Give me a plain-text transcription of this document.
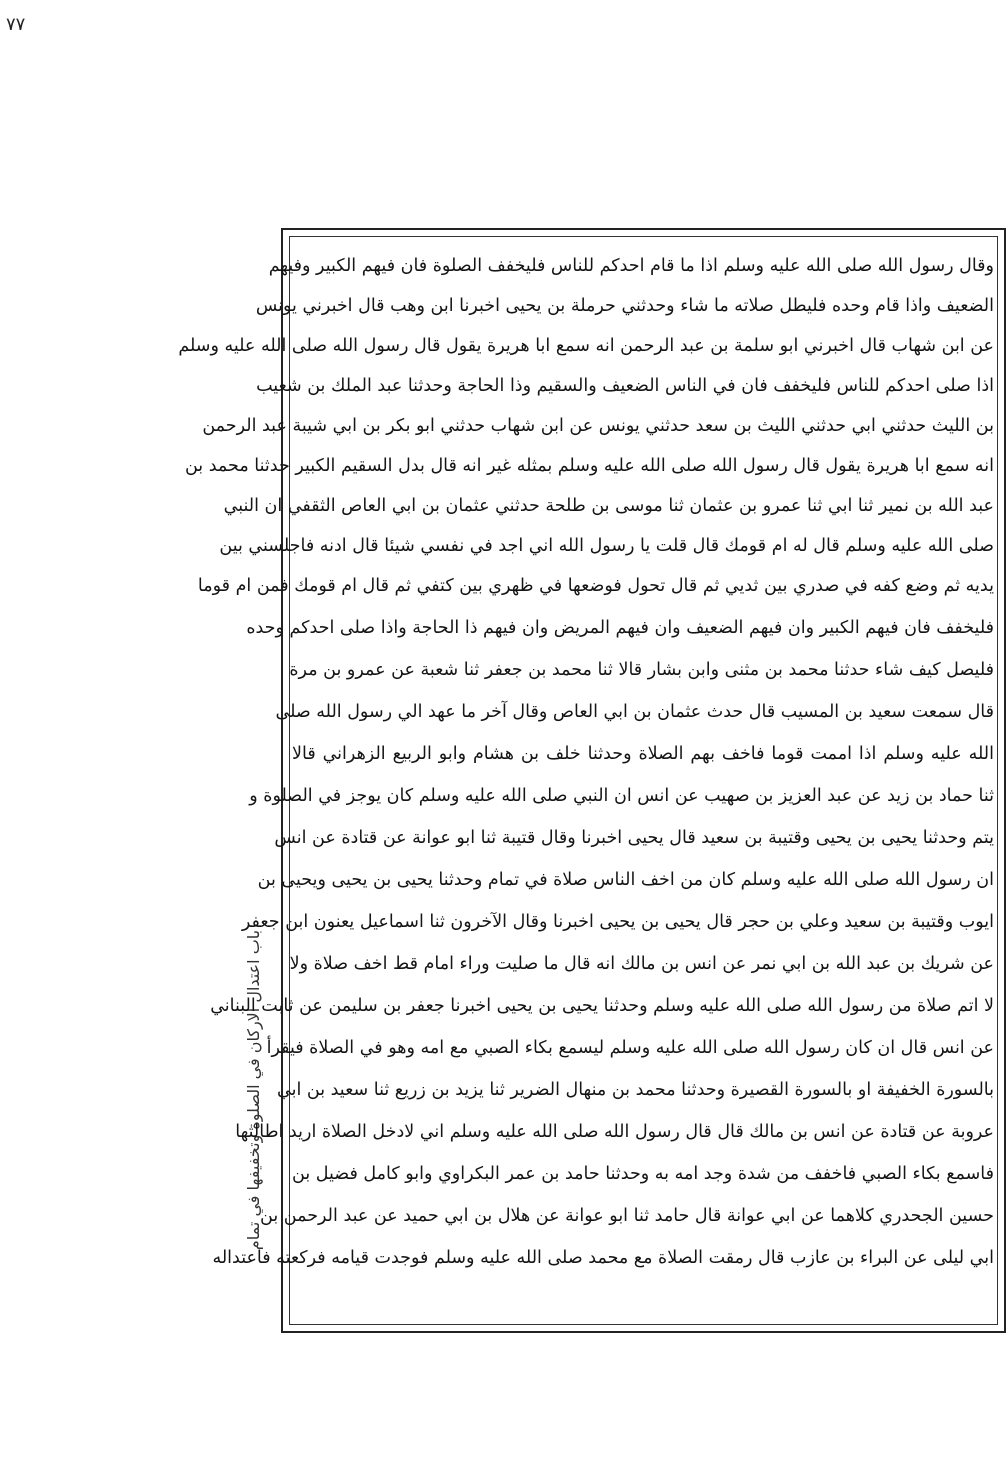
٧٧
باب اعتدال الاركان في الصلوة وتخفيفها في تمام
وقال رسول الله صلى الله عليه وسلم اذا ما قام احدكم للناس فليخفف الصلوة فان فيهم الكبير وفيهم
الضعيف واذا قام وحده فليطل صلاته ما شاء وحدثني حرملة بن يحيى اخبرنا ابن وهب قال اخبرني يونس
عن ابن شهاب قال اخبرني ابو سلمة بن عبد الرحمن انه سمع ابا هريرة يقول قال رسول الله صلى الله عليه وسلم
اذا صلى احدكم للناس فليخفف فان في الناس الضعيف والسقيم وذا الحاجة وحدثنا عبد الملك بن شعيب
بن الليث حدثني ابي حدثني الليث بن سعد حدثني يونس عن ابن شهاب حدثني ابو بكر بن ابي شيبة عبد الرحمن
انه سمع ابا هريرة يقول قال رسول الله صلى الله عليه وسلم بمثله غير انه قال بدل السقيم الكبير حدثنا محمد بن
عبد الله بن نمير ثنا ابي ثنا عمرو بن عثمان ثنا موسى بن طلحة حدثني عثمان بن ابي العاص الثقفي ان النبي
صلى الله عليه وسلم قال له ام قومك قال قلت يا رسول الله اني اجد في نفسي شيئا قال ادنه فاجلسني بين
يديه ثم وضع كفه في صدري بين ثديي ثم قال تحول فوضعها في ظهري بين كتفي ثم قال ام قومك فمن ام قوما
فليخفف فان فيهم الكبير وان فيهم الضعيف وان فيهم المريض وان فيهم ذا الحاجة واذا صلى احدكم وحده
فليصل كيف شاء حدثنا محمد بن مثنى وابن بشار قالا ثنا محمد بن جعفر ثنا شعبة عن عمرو بن مرة
قال سمعت سعيد بن المسيب قال حدث عثمان بن ابي العاص وقال آخر ما عهد الي رسول الله صلى
الله عليه وسلم اذا اممت قوما فاخف بهم الصلاة وحدثنا خلف بن هشام وابو الربيع الزهراني قالا
ثنا حماد بن زيد عن عبد العزيز بن صهيب عن انس ان النبي صلى الله عليه وسلم كان يوجز في الصلوة و
يتم وحدثنا يحيى بن يحيى وقتيبة بن سعيد قال يحيى اخبرنا وقال قتيبة ثنا ابو عوانة عن قتادة عن انس
ان رسول الله صلى الله عليه وسلم كان من اخف الناس صلاة في تمام وحدثنا يحيى بن يحيى ويحيى بن
ايوب وقتيبة بن سعيد وعلي بن حجر قال يحيى بن يحيى اخبرنا وقال الآخرون ثنا اسماعيل يعنون ابن جعفر
عن شريك بن عبد الله بن ابي نمر عن انس بن مالك انه قال ما صليت وراء امام قط اخف صلاة ولا
لا اتم صلاة من رسول الله صلى الله عليه وسلم وحدثنا يحيى بن يحيى اخبرنا جعفر بن سليمن عن ثابت البناني
عن انس قال ان كان رسول الله صلى الله عليه وسلم ليسمع بكاء الصبي مع امه وهو في الصلاة فيقرأ
بالسورة الخفيفة او بالسورة القصيرة وحدثنا محمد بن منهال الضرير ثنا يزيد بن زريع ثنا سعيد بن ابي
عروبة عن قتادة عن انس بن مالك قال قال رسول الله صلى الله عليه وسلم اني لادخل الصلاة اريد اطالتها
فاسمع بكاء الصبي فاخفف من شدة وجد امه به وحدثنا حامد بن عمر البكراوي وابو كامل فضيل بن
حسين الجحدري كلاهما عن ابي عوانة قال حامد ثنا ابو عوانة عن هلال بن ابي حميد عن عبد الرحمن بن
ابي ليلى عن البراء بن عازب قال رمقت الصلاة مع محمد صلى الله عليه وسلم فوجدت قيامه فركعته فاعتداله
